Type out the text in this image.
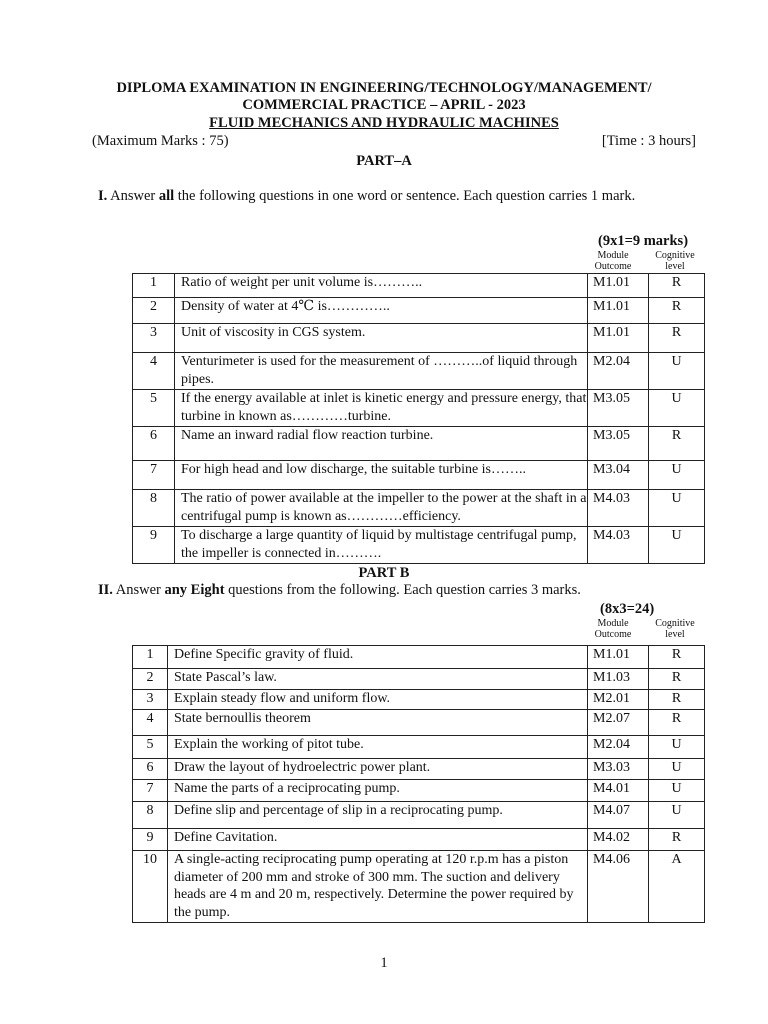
DIPLOMA EXAMINATION IN ENGINEERING/TECHNOLOGY/MANAGEMENT/
COMMERCIAL PRACTICE – APRIL - 2023
FLUID MECHANICS AND HYDRAULIC MACHINES
(Maximum Marks : 75)	[Time : 3 hours]
PART–A
I. Answer all the following questions in one word or sentence. Each question carries 1 mark.
(9x1=9 marks)
Module
Outcome
Cognitive
level
1	Ratio of weight per unit volume is………..	M1.01	R
2	Density of water at 4℃ is…………..	M1.01	R
3	Unit of viscosity in CGS system.	M1.01	R
4	Venturimeter is used for the measurement of ………..of liquid through pipes.	M2.04	U
5	If the energy available at inlet is kinetic energy and pressure energy, that turbine in known as…………turbine.	M3.05	U
6	Name an inward radial flow reaction turbine.	M3.05	R
7	For high head and low discharge, the suitable turbine is……..	M3.04	U
8	The ratio of power available at the impeller to the power at the shaft in a centrifugal pump is known as…………efficiency.	M4.03	U
9	To discharge a large quantity of liquid by multistage centrifugal pump, the impeller is connected in……….	M4.03	U
PART B
II. Answer any Eight questions from the following. Each question carries 3 marks.
(8x3=24)
Module
Outcome
Cognitive
level
1	Define Specific gravity of fluid.	M1.01	R
2	State Pascal’s law.	M1.03	R
3	Explain steady flow and uniform flow.	M2.01	R
4	State bernoullis theorem	M2.07	R
5	Explain the working of pitot tube.	M2.04	U
6	Draw the layout of hydroelectric power plant.	M3.03	U
7	Name the parts of a reciprocating pump.	M4.01	U
8	Define slip and percentage of slip in a reciprocating pump.	M4.07	U
9	Define Cavitation.	M4.02	R
10	A single-acting reciprocating pump operating at 120 r.p.m has a piston diameter of 200 mm and stroke of 300 mm. The suction and delivery heads are 4 m and 20 m, respectively. Determine the power required by the pump.	M4.06	A
1
